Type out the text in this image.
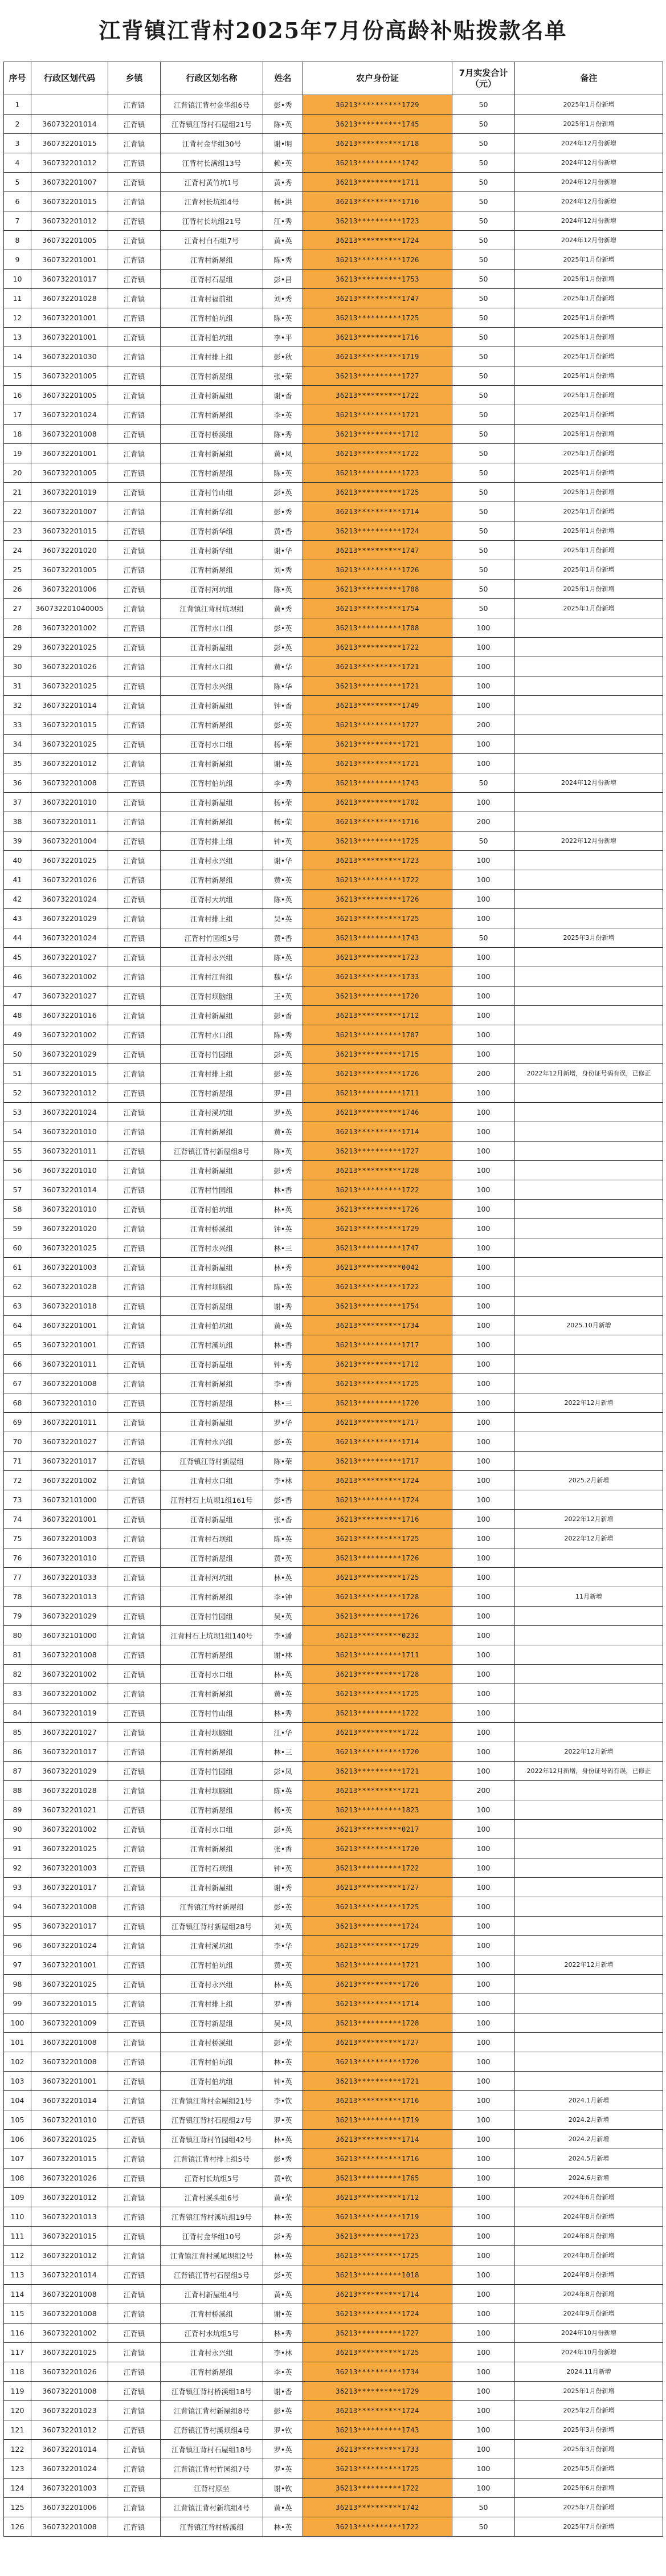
江背镇江背村2025年7月份高龄补贴拨款名单
序号	行政区划代码	乡镇	行政区划名称	姓名	农户身份证	7月实发合计（元）	备注
1		江背镇	江背镇江背村金华组6号	彭•秀	36213**********1729	50	2025年1月份新增
2	360732201014	江背镇	江背镇江背村石屋组21号	陈•英	36213**********1745	50	2025年1月份新增
3	360732201015	江背镇	江背村金华组30号	谢•明	36213**********1718	50	2024年12月份新增
4	360732201012	江背镇	江背村长满组13号	赖•英	36213**********1742	50	2024年12月份新增
5	360732201007	江背镇	江背村黄竹坑1号	黄•秀	36213**********1711	50	2024年12月份新增
6	360732201015	江背镇	江背村长坑组4号	杨•洪	36213**********1710	50	2024年12月份新增
7	360732201012	江背镇	江背村长坑组21号	江•秀	36213**********1723	50	2024年12月份新增
8	360732201005	江背镇	江背村白石组7号	黄•英	36213**********1724	50	2024年12月份新增
9	360732201001	江背镇	江背村新屋组	陈•秀	36213**********1726	50	2025年1月份新增
10	360732201017	江背镇	江背村石屋组	彭•昌	36213**********1753	50	2025年1月份新增
11	360732201028	江背镇	江背村福前组	刘•秀	36213**********1747	50	2025年1月份新增
12	360732201001	江背镇	江背村伯坑组	陈•英	36213**********1725	50	2025年1月份新增
13	360732201001	江背镇	江背村伯坑组	李•平	36213**********1716	50	2025年1月份新增
14	360732201030	江背镇	江背村排上组	彭•秋	36213**********1719	50	2025年1月份新增
15	360732201005	江背镇	江背村新屋组	张•荣	36213**********1727	50	2025年1月份新增
16	360732201005	江背镇	江背村新屋组	谢•香	36213**********1722	50	2025年1月份新增
17	360732201024	江背镇	江背村新屋组	李•英	36213**********1721	50	2025年1月份新增
18	360732201008	江背镇	江背村桥溪组	陈•秀	36213**********1712	50	2025年1月份新增
19	360732201001	江背镇	江背村新屋组	黄•凤	36213**********1722	50	2025年1月份新增
20	360732201005	江背镇	江背村新屋组	陈•英	36213**********1723	50	2025年1月份新增
21	360732201019	江背镇	江背村竹山组	彭•英	36213**********1725	50	2025年1月份新增
22	360732201007	江背镇	江背村新华组	彭•秀	36213**********1714	50	2025年1月份新增
23	360732201015	江背镇	江背村新华组	黄•香	36213**********1724	50	2025年1月份新增
24	360732201020	江背镇	江背村新华组	谢•华	36213**********1747	50	2025年1月份新增
25	360732201005	江背镇	江背村新屋组	刘•秀	36213**********1726	50	2025年1月份新增
26	360732201006	江背镇	江背村河坑组	陈•英	36213**********1708	50	2025年1月份新增
27	360732201040005	江背镇	江背镇江背村坑坝组	黄•秀	36213**********1754	50	2025年1月份新增
28	360732201002	江背镇	江背村水口组	彭•英	36213**********1708	100	
29	360732201025	江背镇	江背村新屋组	彭•英	36213**********1722	100	
30	360732201026	江背镇	江背村水口组	黄•华	36213**********1721	100	
31	360732201025	江背镇	江背村永兴组	陈•华	36213**********1721	100	
32	360732201014	江背镇	江背村新屋组	钟•香	36213**********1749	100	
33	360732201015	江背镇	江背村新屋组	彭•英	36213**********1727	200	
34	360732201025	江背镇	江背村水口组	杨•荣	36213**********1721	100	
35	360732201012	江背镇	江背村新屋组	谢•英	36213**********1721	100	
36	360732201008	江背镇	江背村伯坑组	李•秀	36213**********1743	50	2024年12月份新增
37	360732201010	江背镇	江背村新屋组	杨•荣	36213**********1702	100	
38	360732201011	江背镇	江背村新屋组	杨•荣	36213**********1716	200	
39	360732201004	江背镇	江背村排上组	钟•英	36213**********1725	50	2022年12月份新增
40	360732201025	江背镇	江背村永兴组	谢•华	36213**********1723	100	
41	360732201026	江背镇	江背村新屋组	黄•英	36213**********1722	100	
42	360732201024	江背镇	江背村大坑组	陈•英	36213**********1726	100	
43	360732201029	江背镇	江背村排上组	吴•英	36213**********1725	100	
44	360732201024	江背镇	江背村竹园组5号	黄•香	36213**********1743	50	2025年3月份新增
45	360732201027	江背镇	江背村永兴组	陈•英	36213**********1723	100	
46	360732201002	江背镇	江背村江背组	魏•华	36213**********1733	100	
47	360732201027	江背镇	江背村坝脑组	王•英	36213**********1720	100	
48	360732201016	江背镇	江背村新屋组	彭•香	36213**********1712	100	
49	360732201002	江背镇	江背村水口组	陈•秀	36213**********1707	100	
50	360732201029	江背镇	江背村竹园组	彭•英	36213**********1715	100	
51	360732201015	江背镇	江背村排上组	彭•英	36213**********1726	200	2022年12月新增，身份证号码有误，已修正
52	360732201012	江背镇	江背村新屋组	罗•昌	36213**********1711	100	
53	360732201024	江背镇	江背村溪坑组	罗•英	36213**********1746	100	
54	360732201010	江背镇	江背村新屋组	黄•英	36213**********1714	100	
55	360732201011	江背镇	江背镇江背村新屋组8号	陈•英	36213**********1727	100	
56	360732201010	江背镇	江背村新屋组	彭•秀	36213**********1728	100	
57	360732201014	江背镇	江背村竹园组	林•香	36213**********1722	100	
58	360732201010	江背镇	江背村伯坑组	林•英	36213**********1726	100	
59	360732201020	江背镇	江背村桥溪组	钟•英	36213**********1729	100	
60	360732201025	江背镇	江背村永兴组	林•三	36213**********1747	100	
61	360732201003	江背镇	江背村新屋组	林•秀	36213**********0042	100	
62	360732201028	江背镇	江背村坝脑组	陈•英	36213**********1722	100	
63	360732201018	江背镇	江背村新屋组	谢•秀	36213**********1754	100	
64	360732201001	江背镇	江背村伯坑组	黄•英	36213**********1734	100	2025.10月新增
65	360732201001	江背镇	江背村溪坑组	林•香	36213**********1717	100	
66	360732201011	江背镇	江背村新屋组	钟•秀	36213**********1712	100	
67	360732201008	江背镇	江背村新屋组	李•香	36213**********1725	100	
68	360732201010	江背镇	江背村新屋组	林•三	36213**********1720	100	2022年12月新增
69	360732201011	江背镇	江背村新屋组	罗•华	36213**********1717	100	
70	360732201027	江背镇	江背村永兴组	彭•英	36213**********1714	100	
71	360732201017	江背镇	江背镇江背村新屋组	陈•荣	36213**********1717	100	
72	360732201002	江背镇	江背村水口组	李•林	36213**********1724	100	2025.2月新增
73	360732101000	江背镇	江背村石上坑坝1组161号	彭•香	36213**********1724	100	
74	360732201001	江背镇	江背村新屋组	张•香	36213**********1716	100	2022年12月新增
75	360732201003	江背镇	江背村石坝组	陈•英	36213**********1725	100	2022年12月新增
76	360732201010	江背镇	江背村新屋组	黄•英	36213**********1726	100	
77	360732201033	江背镇	江背村河坑组	林•英	36213**********1725	100	
78	360732201013	江背镇	江背村新屋组	李•钟	36213**********1728	100	11月新增
79	360732201029	江背镇	江背村竹园组	吴•英	36213**********1726	100	
80	360732101000	江背镇	江背村石上坑坝1组140号	李•潘	36213**********0232	100	
81	360732201008	江背镇	江背村新屋组	谢•林	36213**********1711	100	
82	360732201002	江背镇	江背村水口组	林•英	36213**********1728	100	
83	360732201002	江背镇	江背村新屋组	黄•英	36213**********1725	100	
84	360732201019	江背镇	江背村竹山组	林•秀	36213**********1722	100	
85	360732201027	江背镇	江背村坝脑组	江•华	36213**********1722	100	
86	360732201017	江背镇	江背村新屋组	林•三	36213**********1720	100	2022年12月新增
87	360732201029	江背镇	江背村竹园组	彭•凤	36213**********1721	100	2022年12月新增，身份证号码有误，已修正
88	360732201028	江背镇	江背村坝脑组	陈•英	36213**********1721	200	
89	360732201021	江背镇	江背村新屋组	杨•英	36213**********1823	100	
90	360732201002	江背镇	江背村水口组	彭•英	36213**********0217	100	
91	360732201025	江背镇	江背村新屋组	张•香	36213**********1720	100	
92	360732201003	江背镇	江背村石坝组	钟•英	36213**********1722	100	
93	360732201017	江背镇	江背村新屋组	谢•秀	36213**********1727	100	
94	360732201008	江背镇	江背镇江背村新屋组	彭•英	36213**********1725	100	
95	360732201017	江背镇	江背镇江背村新屋组28号	刘•英	36213**********1724	100	
96	360732201024	江背镇	江背村溪坑组	李•华	36213**********1729	100	
97	360732201001	江背镇	江背村伯坑组	黄•英	36213**********1721	100	2022年12月新增
98	360732201025	江背镇	江背村永兴组	林•英	36213**********1720	100	
99	360732201015	江背镇	江背村排上组	罗•香	36213**********1714	100	
100	360732201009	江背镇	江背村新屋组	吴•凤	36213**********1728	100	
101	360732201008	江背镇	江背村桥溪组	彭•荣	36213**********1727	100	
102	360732201008	江背镇	江背村伯坑组	林•英	36213**********1720	100	
103	360732201001	江背镇	江背村伯坑组	钟•英	36213**********1721	100	
104	360732201014	江背镇	江背镇江背村金屋组21号	李•钦	36213**********1716	100	2024.1月新增
105	360732201010	江背镇	江背镇江背村石屋组27号	罗•英	36213**********1719	100	2024.2月新增
106	360732201025	江背镇	江背镇江背村竹园组42号	林•英	36213**********1714	100	2024.2月新增
107	360732201015	江背镇	江背镇江背村排上组5号	彭•秀	36213**********1716	100	2024.5月新增
108	360732201026	江背镇	江背村长坑组5号	黄•钦	36213**********1765	100	2024.6月新增
109	360732201012	江背镇	江背村溪头组6号	黄•荣	36213**********1712	100	2024年6月份新增
110	360732201013	江背镇	江背镇江背村溪坑组19号	林•英	36213**********1719	100	2024年8月份新增
111	360732201015	江背镇	江背村金华组10号	彭•秀	36213**********1723	100	2024年8月份新增
112	360732201012	江背镇	江背镇江背村溪尾坝组2号	林•英	36213**********1725	100	2024年8月份新增
113	360732201014	江背镇	江背镇江背村石屋组5号	彭•英	36213**********1018	100	2024年8月份新增
114	360732201008	江背镇	江背村新屋组4号	黄•英	36213**********1714	100	2024年8月份新增
115	360732201008	江背镇	江背村桥溪组	谢•英	36213**********1724	100	2024年9月份新增
116	360732201002	江背镇	江背村水坑组5号	林•秀	36213**********1727	100	2024年10月份新增
117	360732201025	江背镇	江背村永兴组	李•林	36213**********1725	100	2024年10月份新增
118	360732201026	江背镇	江背村新屋组	李•英	36213**********1734	100	2024.11月新增
119	360732201008	江背镇	江背镇江背村桥溪组18号	谢•香	36213**********1729	100	2025年1月份新增
120	360732201023	江背镇	江背镇江背村新屋组8号	彭•英	36213**********1724	100	2025年2月份新增
121	360732201012	江背镇	江背镇江背村溪坝组4号	罗•钦	36213**********1743	100	2025年3月份新增
122	360732201014	江背镇	江背镇江背村石屋组18号	罗•英	36213**********1733	100	2025年3月份新增
123	360732201024	江背镇	江背镇江背村竹园组7号	罗•英	36213**********1725	100	2025年5月份新增
124	360732201003	江背镇	江背村原坐	谢•钦	36213**********1722	100	2025年6月份新增
125	360732201006	江背镇	江背镇江背村新坑组4号	黄•英	36213**********1742	50	2025年7月份新增
126	360732201008	江背镇	江背镇江背村桥溪组	林•英	36213**********1722	50	2025年7月份新增
